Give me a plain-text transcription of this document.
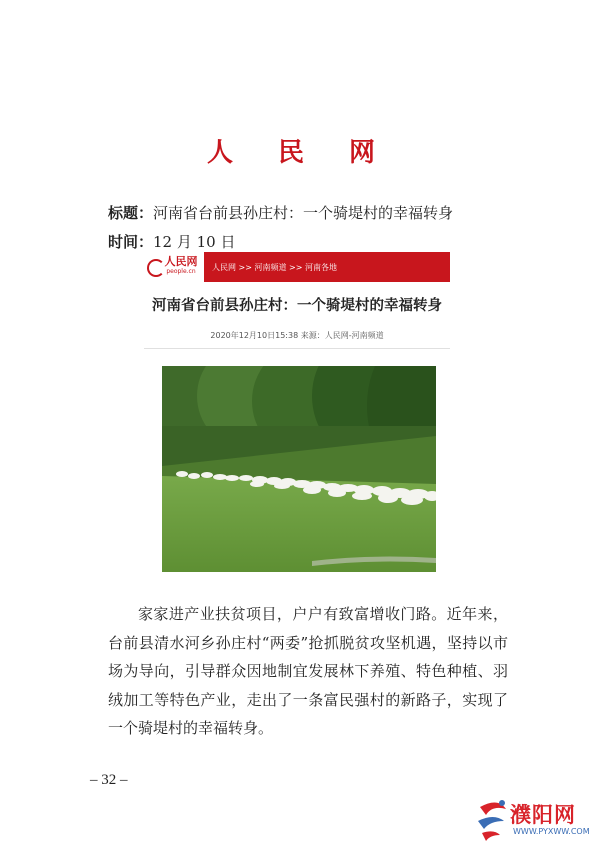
人 民 网
标题：河南省台前县孙庄村：一个骑堤村的幸福转身
时间：12 月 10 日
人民网
people.cn	人民网 >> 河南频道 >> 河南各地
河南省台前县孙庄村：一个骑堤村的幸福转身
2020年12月10日15:38 来源：人民网-河南频道
家家进产业扶贫项目，户户有致富增收门路。近年来，台前县清水河乡孙庄村“两委”抢抓脱贫攻坚机遇，坚持以市场为导向，引导群众因地制宜发展林下养殖、特色种植、羽绒加工等特色产业，走出了一条富民强村的新路子，实现了一个骑堤村的幸福转身。
– 32 –
濮阳网
WWW.PYXWW.COM
